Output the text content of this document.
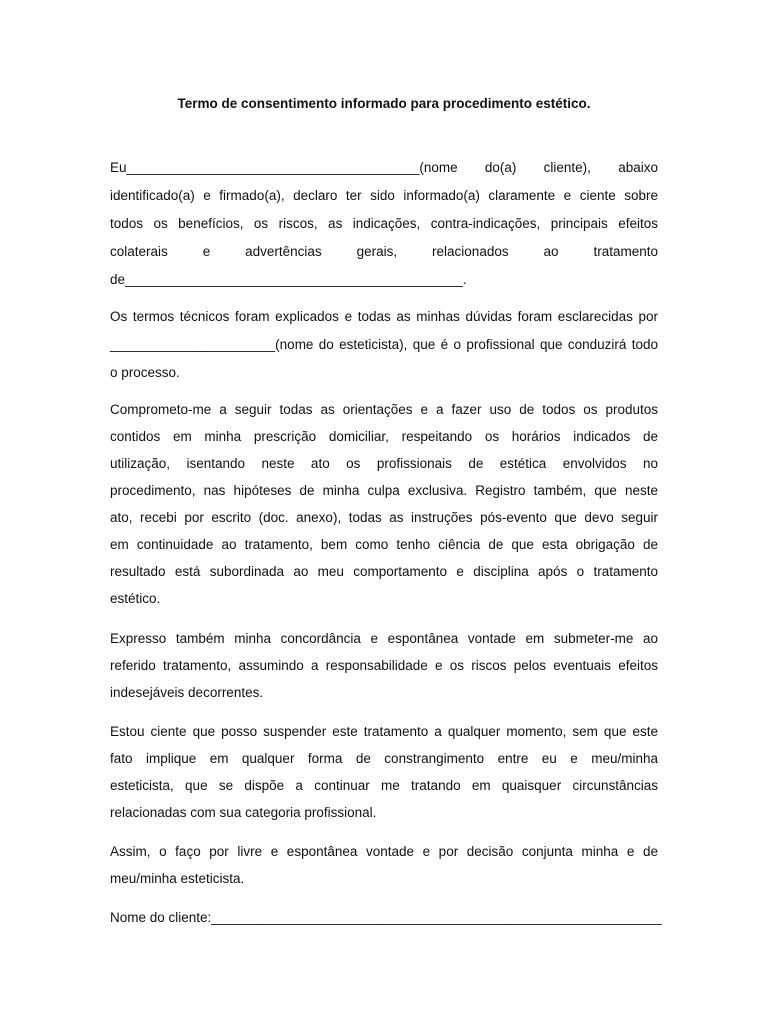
Termo de consentimento informado para procedimento estético.
Eu_______________________________________(nome do(a) cliente), abaixo
identificado(a) e firmado(a), declaro ter sido informado(a) claramente e ciente sobre
todos os benefícios, os riscos, as indicações, contra-indicações, principais efeitos
colaterais e advertências gerais, relacionados ao tratamento
de_____________________________________________.
Os termos técnicos foram explicados e todas as minhas dúvidas foram esclarecidas por
______________________(nome do esteticista), que é o profissional que conduzirá todo
o processo.
Comprometo-me a seguir todas as orientações e a fazer uso de todos os produtos
contidos em minha prescrição domiciliar, respeitando os horários indicados de
utilização, isentando neste ato os profissionais de estética envolvidos no
procedimento, nas hipóteses de minha culpa exclusiva. Registro também, que neste
ato, recebi por escrito (doc. anexo), todas as instruções pós-evento que devo seguir
em continuidade ao tratamento, bem como tenho ciência de que esta obrigação de
resultado está subordinada ao meu comportamento e disciplina após o tratamento
estético.
Expresso também minha concordância e espontânea vontade em submeter-me ao
referido tratamento, assumindo a responsabilidade e os riscos pelos eventuais efeitos
indesejáveis decorrentes.
Estou ciente que posso suspender este tratamento a qualquer momento, sem que este
fato implique em qualquer forma de constrangimento entre eu e meu/minha
esteticista, que se dispõe a continuar me tratando em quaisquer circunstâncias
relacionadas com sua categoria profissional.
Assim, o faço por livre e espontânea vontade e por decisão conjunta minha e de
meu/minha esteticista.
Nome do cliente:____________________________________________________________
